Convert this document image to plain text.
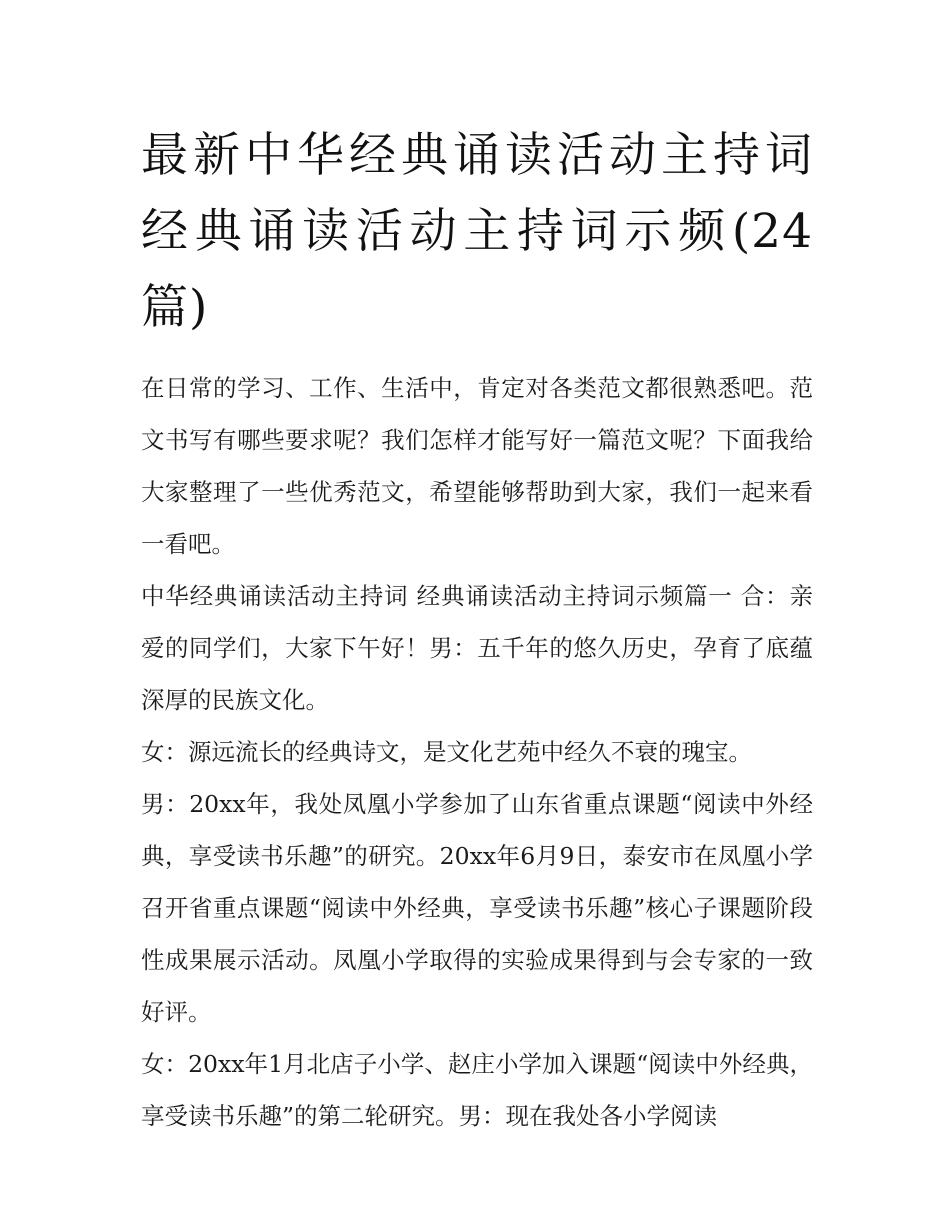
最新中华经典诵读活动主持词 经典诵读活动主持词示频(24篇)

在日常的学习、工作、生活中，肯定对各类范文都很熟悉吧。范文书写有哪些要求呢？我们怎样才能写好一篇范文呢？下面我给大家整理了一些优秀范文，希望能够帮助到大家，我们一起来看一看吧。

中华经典诵读活动主持词 经典诵读活动主持词示频篇一 合：亲爱的同学们，大家下午好！男：五千年的悠久历史，孕育了底蕴深厚的民族文化。

女：源远流长的经典诗文，是文化艺苑中经久不衰的瑰宝。

男：20xx年，我处凤凰小学参加了山东省重点课题“阅读中外经典，享受读书乐趣”的研究。20xx年6月9日，泰安市在凤凰小学召开省重点课题“阅读中外经典，享受读书乐趣”核心子课题阶段性成果展示活动。凤凰小学取得的实验成果得到与会专家的一致好评。

女：20xx年1月北店子小学、赵庄小学加入课题“阅读中外经典，享受读书乐趣”的第二轮研究。男：现在我处各小学阅读
